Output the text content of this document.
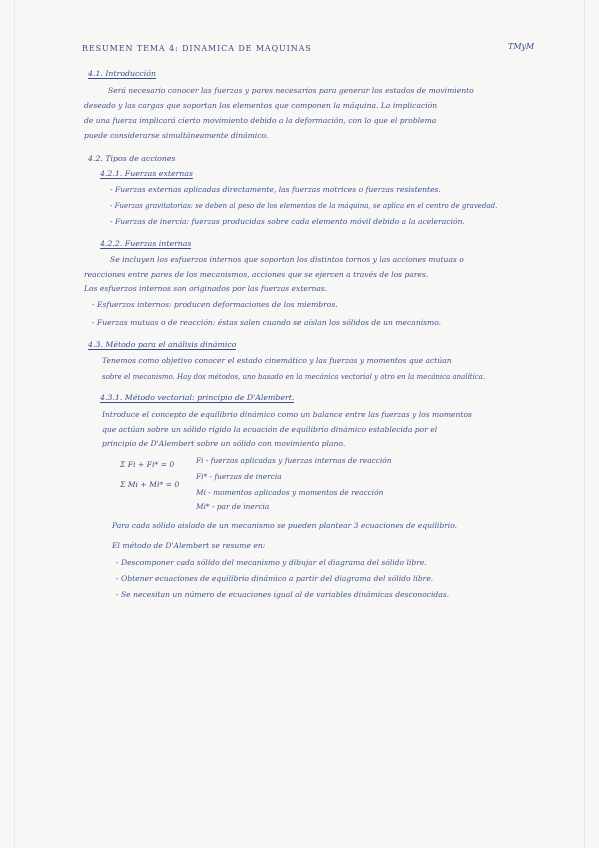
RESUMEN TEMA 4: DINÁMICA DE MÁQUINAS	TMyM
4.1. Introducción
Será necesario conocer las fuerzas y pares necesarios para generar los estados de movimiento
deseado y las cargas que soportan los elementos que componen la máquina. La implicación
de una fuerza implicará cierto movimiento debido a la deformación, con lo que el problema
puede considerarse simultáneamente dinámico.
4.2. Tipos de acciones
4.2.1. Fuerzas externas
- Fuerzas externas aplicadas directamente, las fuerzas motrices o fuerzas resistentes.
- Fuerzas gravitatorias: se deben al peso de los elementos de la máquina, se aplica en el centro de gravedad.
- Fuerzas de inercia: fuerzas producidas sobre cada elemento móvil debido a la aceleración.
4.2.2. Fuerzas internas
Se incluyen los esfuerzos internos que soportan los distintos tornos y las acciones mutuas o
reacciones entre pares de los mecanismos, acciones que se ejercen a través de los pares.
Los esfuerzos internos son originados por las fuerzas externas.
- Esfuerzos internos: producen deformaciones de los miembros.
- Fuerzas mutuas o de reacción: éstas salen cuando se aíslan los sólidos de un mecanismo.
4.3. Método para el análisis dinámico
Tenemos como objetivo conocer el estado cinemático y las fuerzas y momentos que actúan
sobre el mecanismo. Hay dos métodos, uno basado en la mecánica vectorial y otro en la mecánica analítica.
4.3.1. Método vectorial: principio de D'Alembert.
Introduce el concepto de equilibrio dinámico como un balance entre las fuerzas y los momentos
que actúan sobre un sólido rígido la ecuación de equilibrio dinámico establecida por el
principio de D'Alembert sobre un sólido con movimiento plano.
Σ Fi + Fi* = 0
Σ Mi + Mi* = 0
Fi - fuerzas aplicadas y fuerzas internas de reacción
Fi* - fuerzas de inercia
Mi - momentos aplicados y momentos de reacción
Mi* - par de inercia
Para cada sólido aislado de un mecanismo se pueden plantear 3 ecuaciones de equilibrio.
El método de D'Alembert se resume en:
- Descomponer cada sólido del mecanismo y dibujar el diagrama del sólido libre.
- Obtener ecuaciones de equilibrio dinámico a partir del diagrama del sólido libre.
- Se necesitan un número de ecuaciones igual al de variables dinámicas desconocidas.
